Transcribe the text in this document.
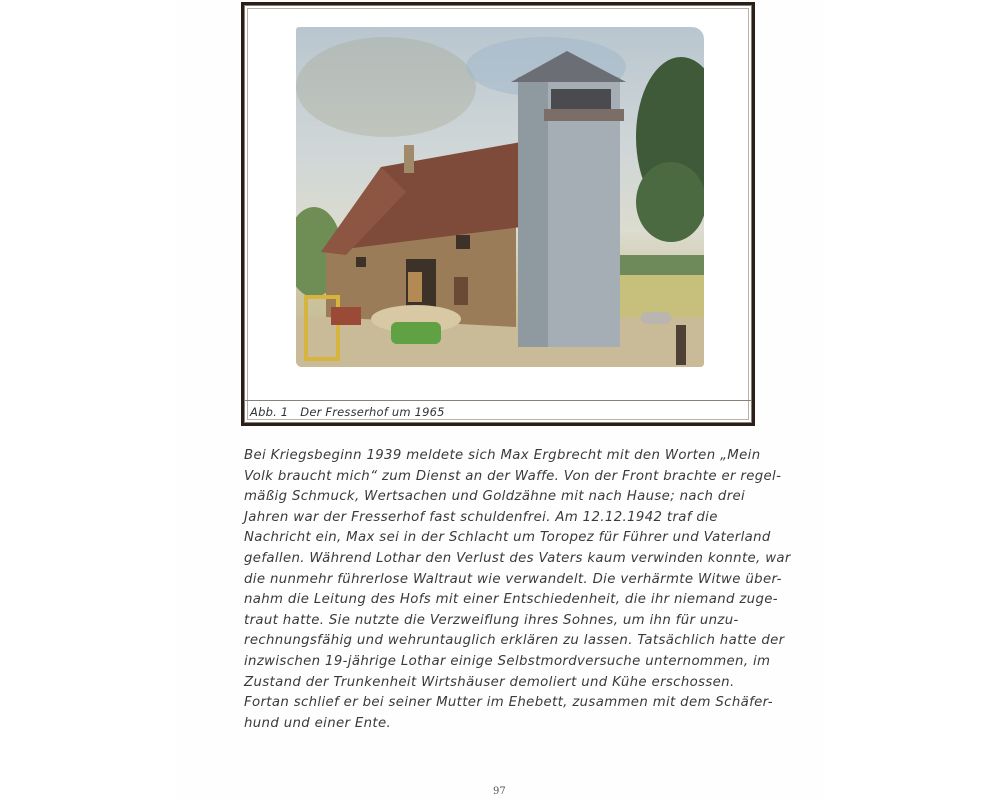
Abb. 1 Der Fresserhof um 1965
Bei Kriegsbeginn 1939 meldete sich Max Ergbrecht mit den Worten „Mein
Volk braucht mich“ zum Dienst an der Waffe. Von der Front brachte er regel-
mäßig Schmuck, Wertsachen und Goldzähne mit nach Hause; nach drei
Jahren war der Fresserhof fast schuldenfrei. Am 12.12.1942 traf die
Nachricht ein, Max sei in der Schlacht um Toropez für Führer und Vaterland
gefallen. Während Lothar den Verlust des Vaters kaum verwinden konnte, war
die nunmehr führerlose Waltraut wie verwandelt. Die verhärmte Witwe über-
nahm die Leitung des Hofs mit einer Entschiedenheit, die ihr niemand zuge-
traut hatte. Sie nutzte die Verzweiflung ihres Sohnes, um ihn für unzu-
rechnungsfähig und wehruntauglich erklären zu lassen. Tatsächlich hatte der
inzwischen 19-jährige Lothar einige Selbstmordversuche unternommen, im
Zustand der Trunkenheit Wirtshäuser demoliert und Kühe erschossen.
Fortan schlief er bei seiner Mutter im Ehebett, zusammen mit dem Schäfer-
hund und einer Ente.
97
